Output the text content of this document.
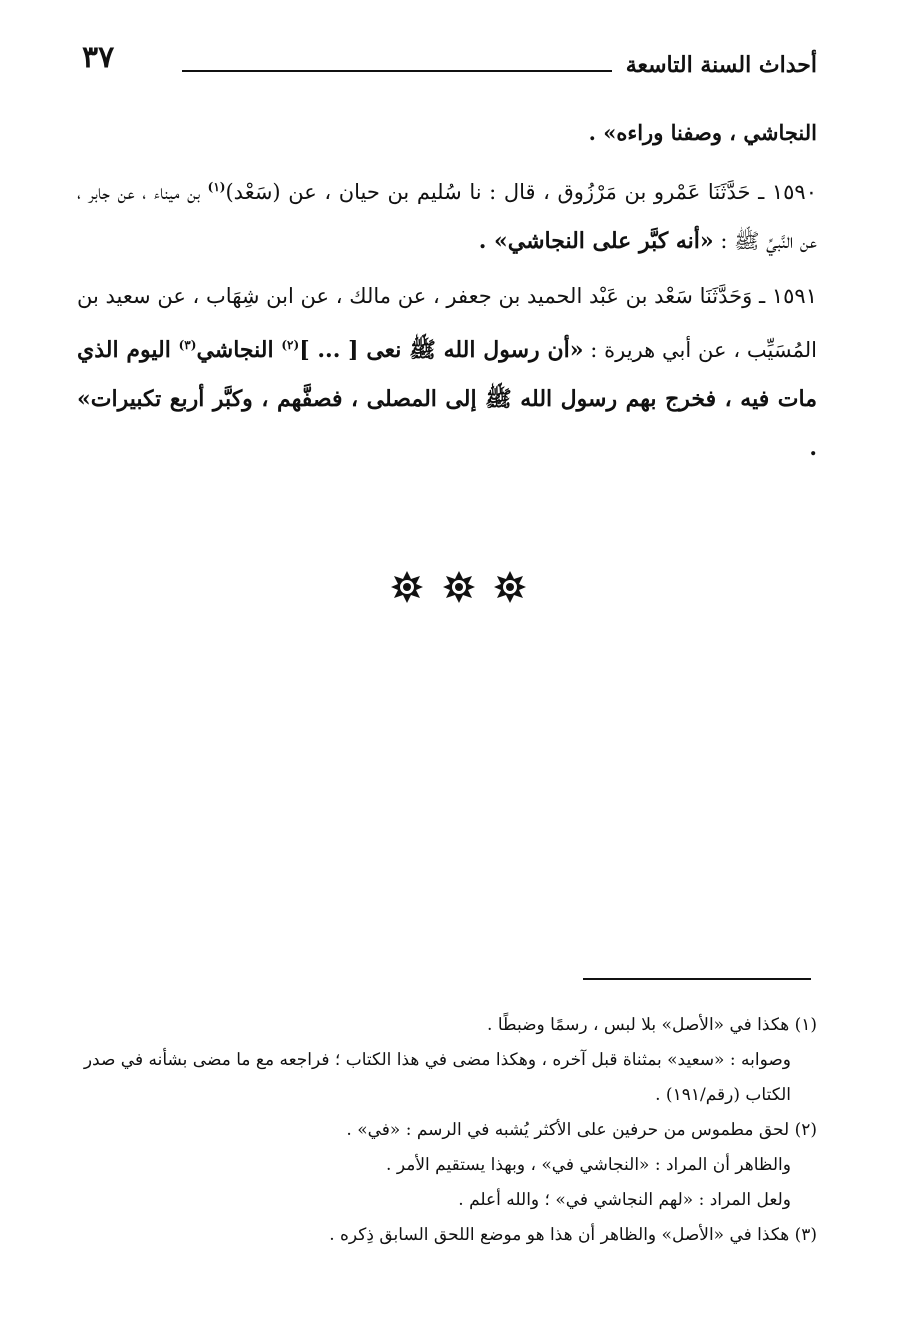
أحداث السنة التاسعة
٣٧

النجاشي ، وصفنا وراءه» .

١٥٩٠ ـ حَدَّثَنَا عَمْرو بن مَرْزُوق ، قال : نا سُليم بن حيان ، عن (سَعْد)$^{(١)}$ بن ميناء ، عن جابر ، عن النَّبيِّ ﷺ : «أنه كبَّر على النجاشي» .

١٥٩١ ـ وَحَدَّثَنَا سَعْد بن عَبْد الحميد بن جعفر ، عن مالك ، عن ابن شِهَاب ، عن سعيد بن المُسَيِّب ، عن أبي هريرة : «أن رسول الله ﷺ نعى [ ... ]$^{(٢)}$ النجاشي$^{(٣)}$ اليوم الذي مات فيه ، فخرج بهم رسول الله ﷺ إلى المصلى ، فصفَّهم ، وكبَّر أربع تكبيرات» .

(١) هكذا في «الأصل» بلا لبس ، رسمًا وضبطًا .

وصوابه : «سعيد» بمثناة قبل آخره ، وهكذا مضى في هذا الكتاب ؛ فراجعه مع ما مضى بشأنه في صدر الكتاب (رقم/١٩١) .

(٢) لحق مطموس من حرفين على الأكثر يُشبه في الرسم : «في» .

والظاهر أن المراد : «النجاشي في» ، وبهذا يستقيم الأمر .

ولعل المراد : «لهم النجاشي في» ؛ والله أعلم .

(٣) هكذا في «الأصل» والظاهر أن هذا هو موضع اللحق السابق ذِكره .
